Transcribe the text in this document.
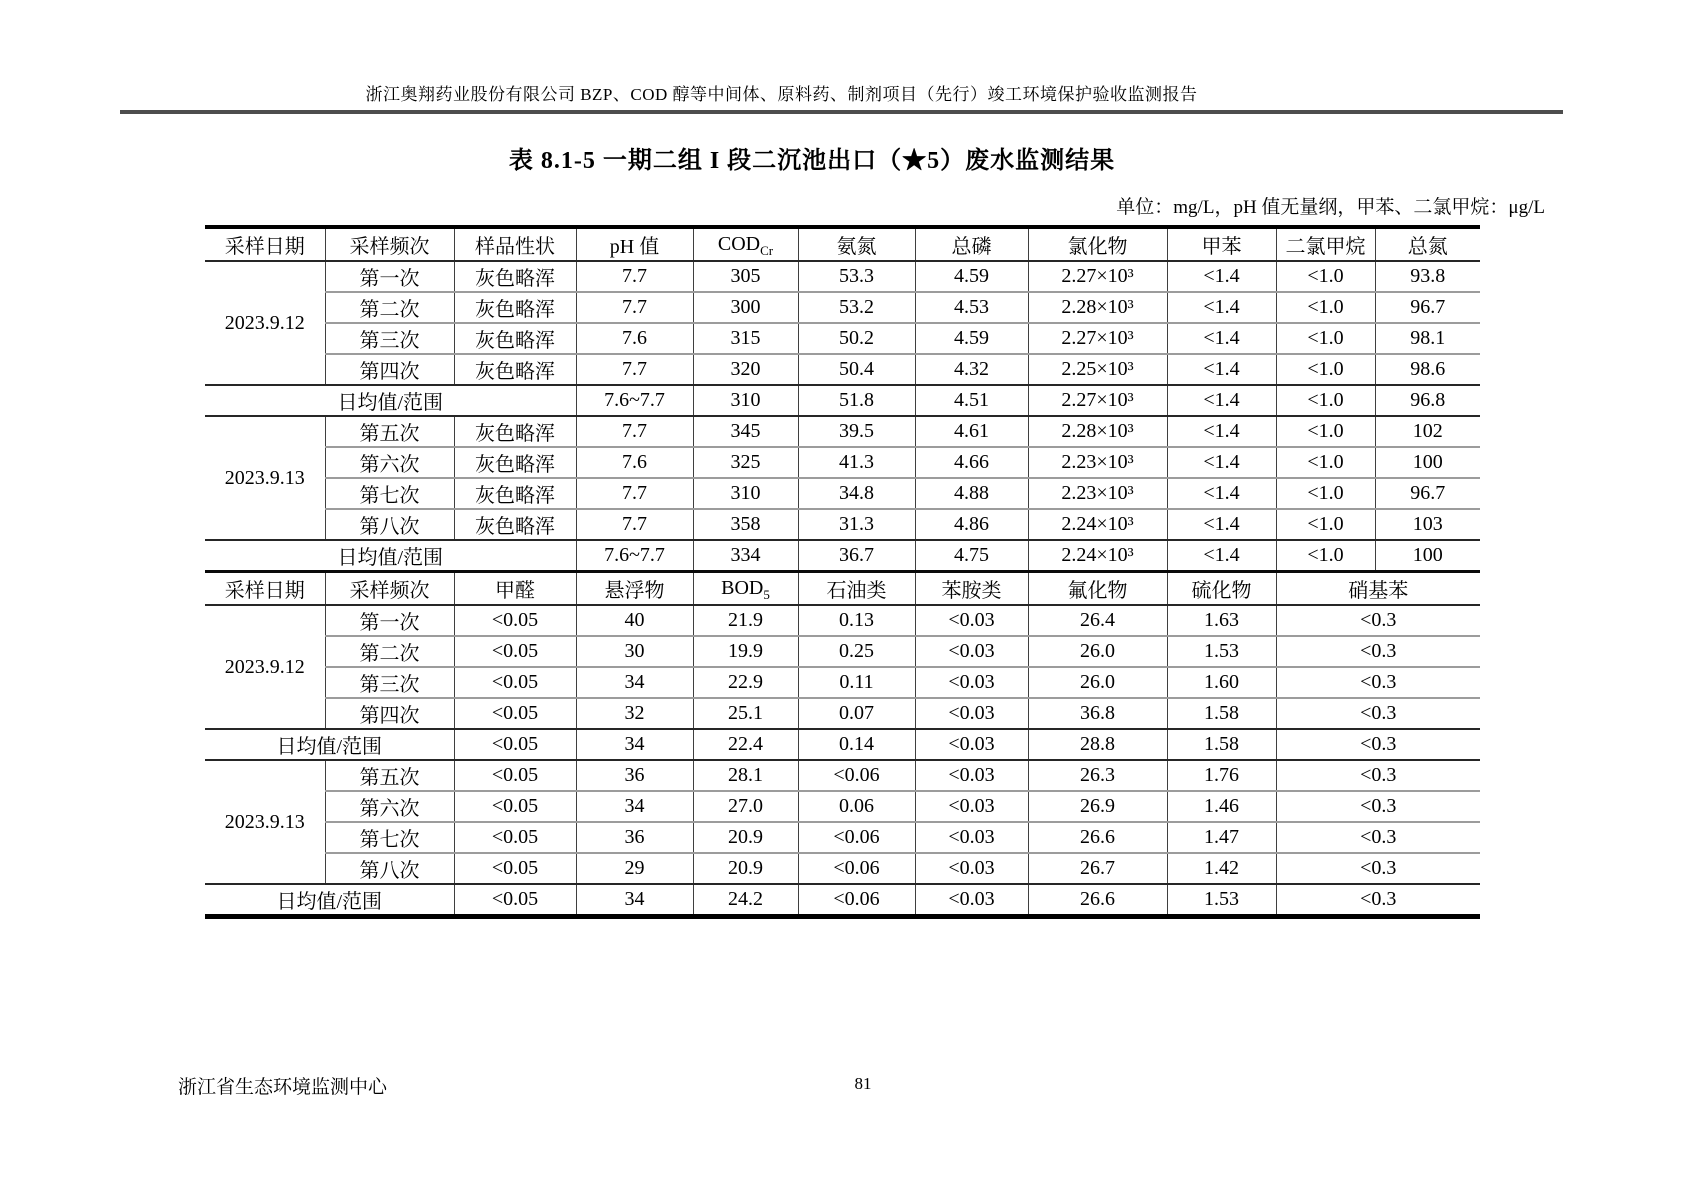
浙江奥翔药业股份有限公司 BZP、COD 醇等中间体、原料药、制剂项目（先行）竣工环境保护验收监测报告
表 8.1-5 一期二组 I 段二沉池出口（★5）废水监测结果
单位：mg/L，pH 值无量纲，甲苯、二氯甲烷：μg/L
采样日期	采样频次	样品性状	pH 值	$COD_{Cr}$	氨氮	总磷	氯化物	甲苯	二氯甲烷	总氮
2023.9.12	第一次	灰色略浑	7.7	305	53.3	4.59	2.27×10³	<1.4	<1.0	93.8
	第二次	灰色略浑	7.7	300	53.2	4.53	2.28×10³	<1.4	<1.0	96.7
	第三次	灰色略浑	7.6	315	50.2	4.59	2.27×10³	<1.4	<1.0	98.1
	第四次	灰色略浑	7.7	320	50.4	4.32	2.25×10³	<1.4	<1.0	98.6
日均值/范围			7.6~7.7	310	51.8	4.51	2.27×10³	<1.4	<1.0	96.8
2023.9.13	第五次	灰色略浑	7.7	345	39.5	4.61	2.28×10³	<1.4	<1.0	102
	第六次	灰色略浑	7.6	325	41.3	4.66	2.23×10³	<1.4	<1.0	100
	第七次	灰色略浑	7.7	310	34.8	4.88	2.23×10³	<1.4	<1.0	96.7
	第八次	灰色略浑	7.7	358	31.3	4.86	2.24×10³	<1.4	<1.0	103
日均值/范围			7.6~7.7	334	36.7	4.75	2.24×10³	<1.4	<1.0	100
采样日期	采样频次	甲醛	悬浮物	$BOD_5$	石油类	苯胺类	氟化物	硫化物	硝基苯	
2023.9.12	第一次	<0.05	40	21.9	0.13	<0.03	26.4	1.63	<0.3	
	第二次	<0.05	30	19.9	0.25	<0.03	26.0	1.53	<0.3	
	第三次	<0.05	34	22.9	0.11	<0.03	26.0	1.60	<0.3	
	第四次	<0.05	32	25.1	0.07	<0.03	36.8	1.58	<0.3	
日均值/范围		<0.05	34	22.4	0.14	<0.03	28.8	1.58	<0.3	
2023.9.13	第五次	<0.05	36	28.1	<0.06	<0.03	26.3	1.76	<0.3	
	第六次	<0.05	34	27.0	0.06	<0.03	26.9	1.46	<0.3	
	第七次	<0.05	36	20.9	<0.06	<0.03	26.6	1.47	<0.3	
	第八次	<0.05	29	20.9	<0.06	<0.03	26.7	1.42	<0.3	
日均值/范围		<0.05	34	24.2	<0.06	<0.03	26.6	1.53	<0.3	
浙江省生态环境监测中心	81
